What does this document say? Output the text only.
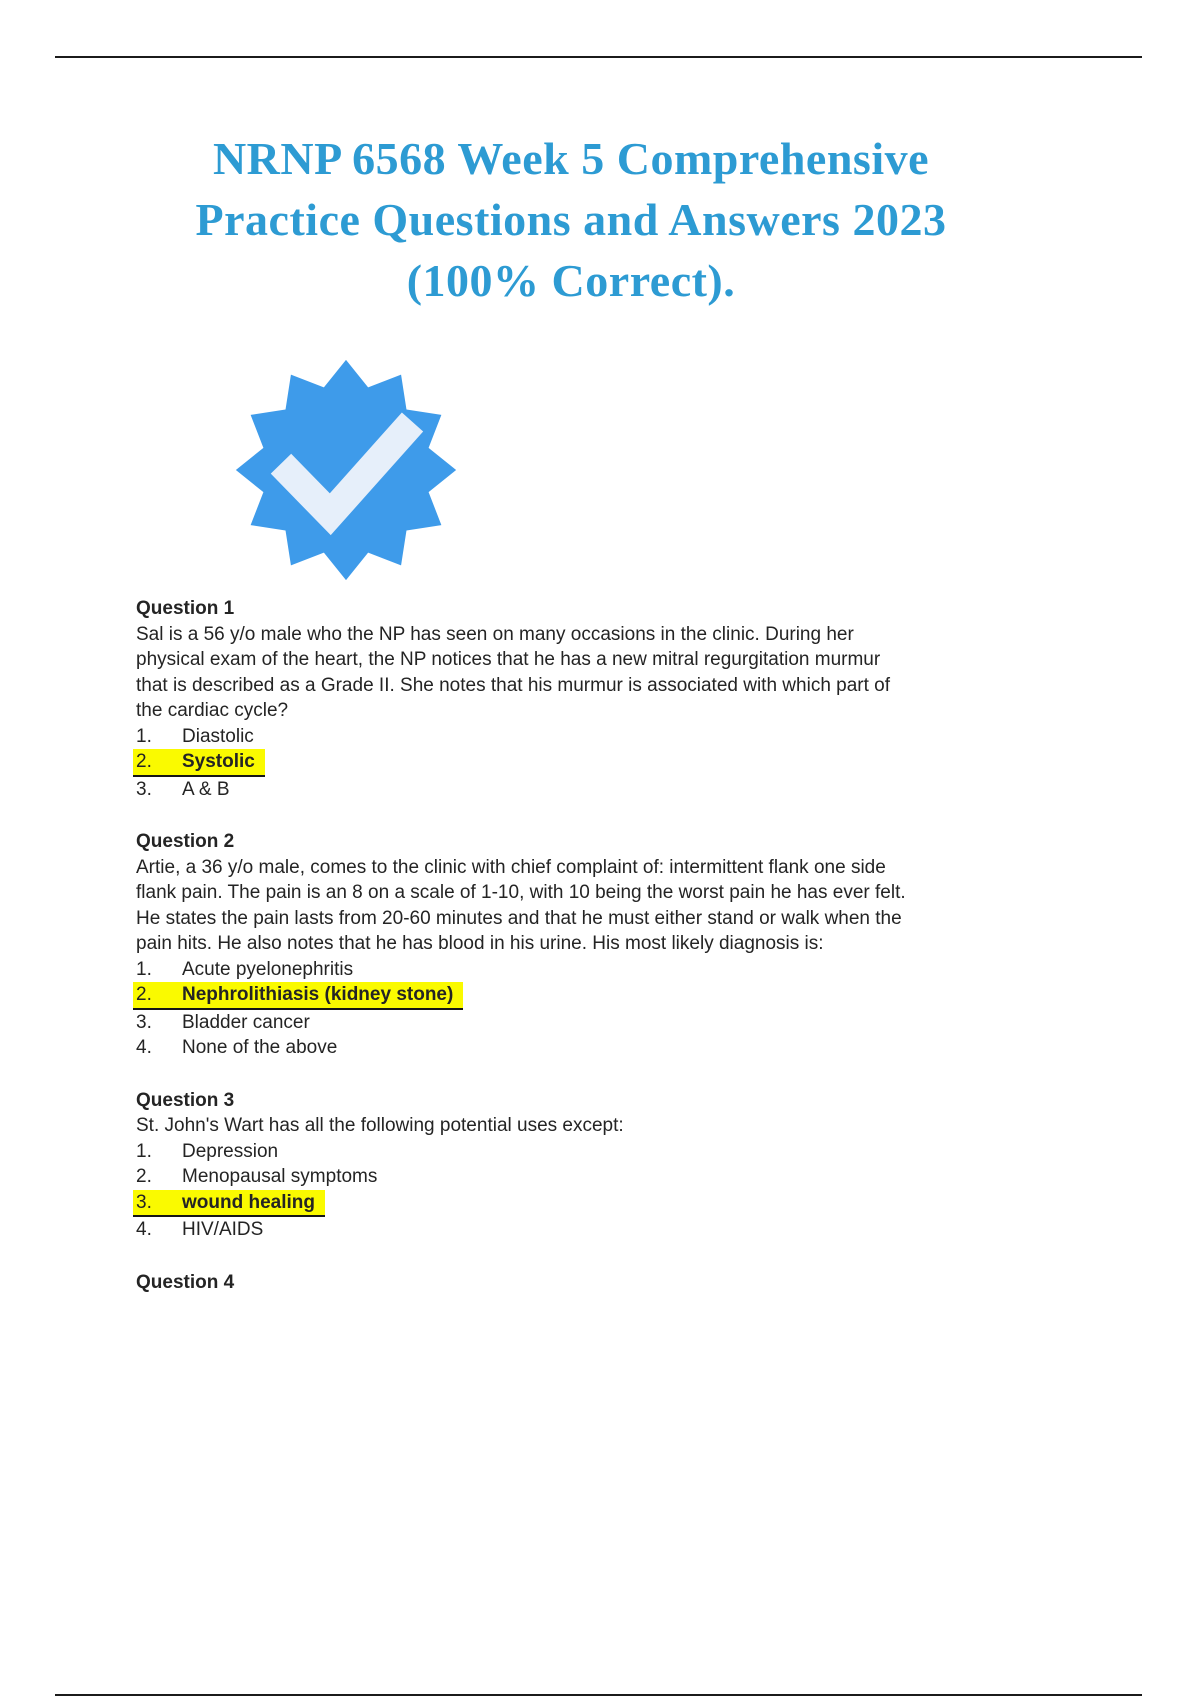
NRNP 6568 Week 5 Comprehensive
Practice Questions and Answers 2023
(100% Correct).
Question 1
Sal is a 56 y/o male who the NP has seen on many occasions in the clinic. During her
physical exam of the heart, the NP notices that he has a new mitral regurgitation murmur
that is described as a Grade II. She notes that his murmur is associated with which part of
the cardiac cycle?
1. Diastolic
2. Systolic
3. A & B
Question 2
Artie, a 36 y/o male, comes to the clinic with chief complaint of: intermittent flank one side
flank pain. The pain is an 8 on a scale of 1-10, with 10 being the worst pain he has ever felt.
He states the pain lasts from 20-60 minutes and that he must either stand or walk when the
pain hits. He also notes that he has blood in his urine. His most likely diagnosis is:
1. Acute pyelonephritis
2. Nephrolithiasis (kidney stone)
3. Bladder cancer
4. None of the above
Question 3
St. John's Wart has all the following potential uses except:
1. Depression
2. Menopausal symptoms
3. wound healing
4. HIV/AIDS
Question 4
